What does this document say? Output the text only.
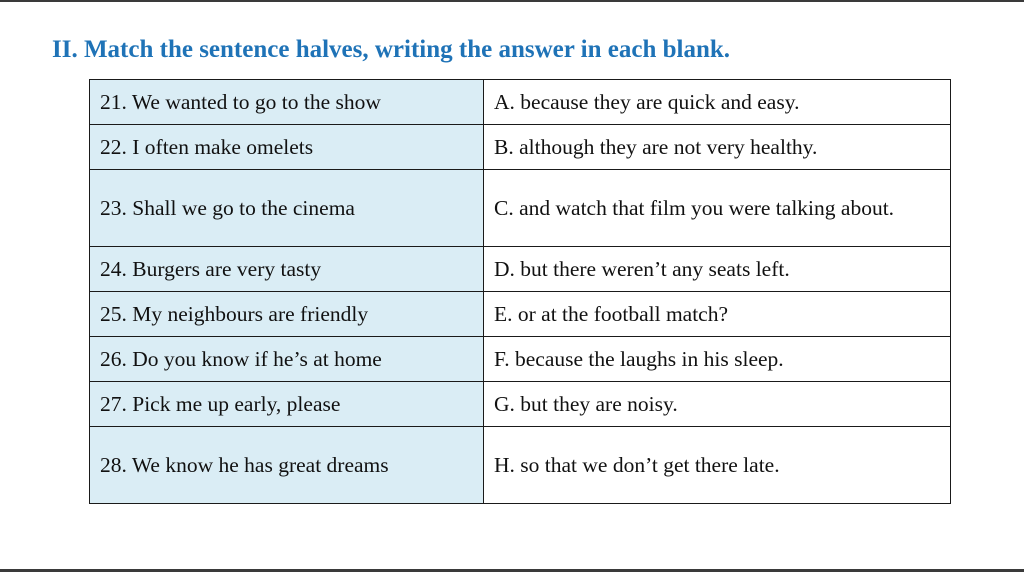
II. Match the sentence halves, writing the answer in each blank.
21. We wanted to go to the show	A. because they are quick and easy.
22. I often make omelets	B. although they are not very healthy.
23. Shall we go to the cinema	C. and watch that film you were talking about.
24. Burgers are very tasty	D. but there weren’t any seats left.
25. My neighbours are friendly	E. or at the football match?
26. Do you know if he’s at home	F. because the laughs in his sleep.
27. Pick me up early, please	G. but they are noisy.
28. We know he has great dreams	H. so that we don’t get there late.
